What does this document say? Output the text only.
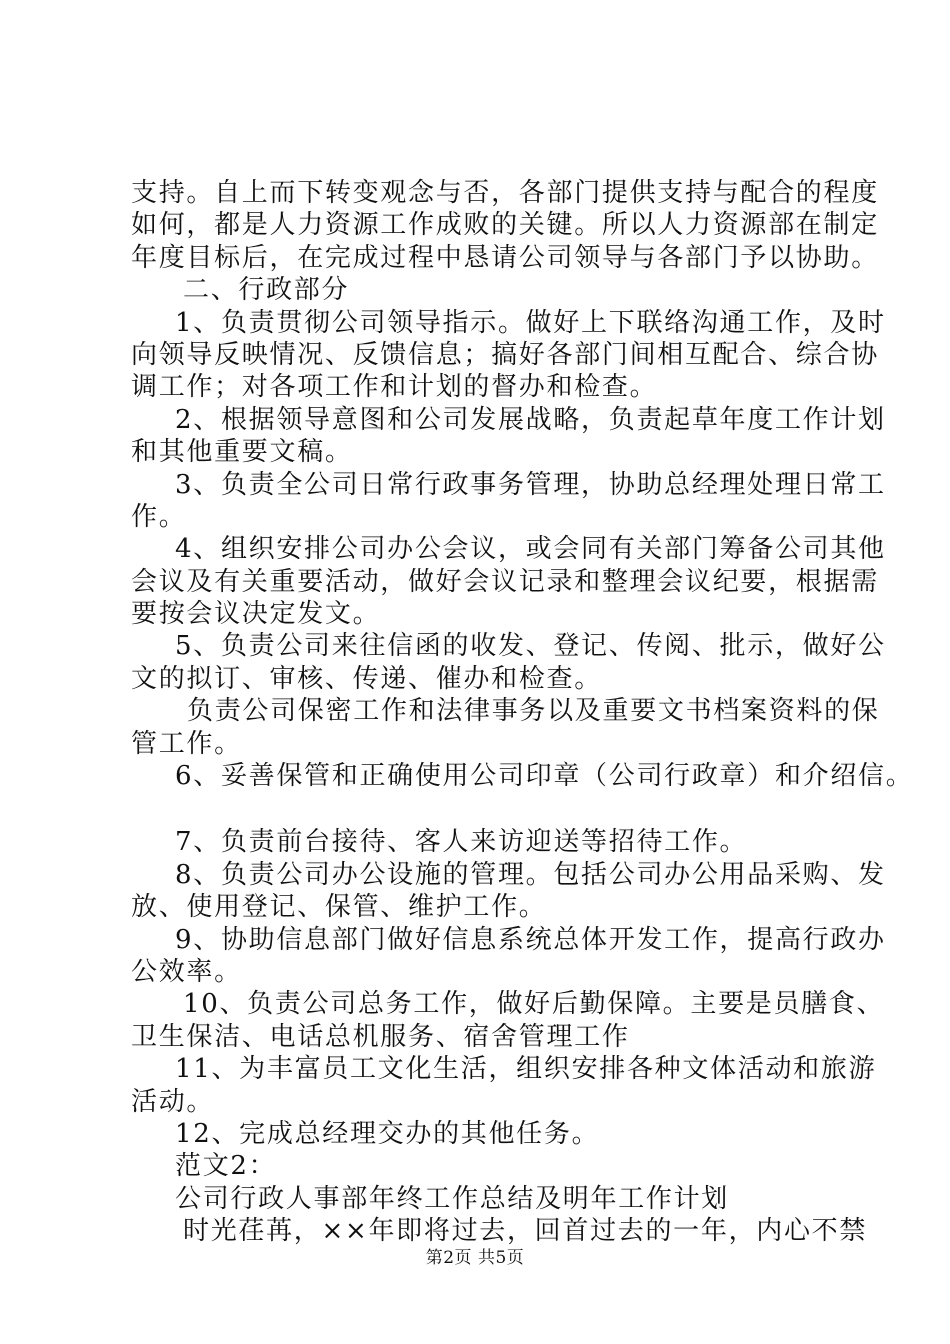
支持。自上而下转变观念与否，各部门提供支持与配合的程度
如何，都是人力资源工作成败的关键。所以人力资源部在制定
年度目标后，在完成过程中恳请公司领导与各部门予以协助。
二、行政部分
1、负责贯彻公司领导指示。做好上下联络沟通工作，及时
向领导反映情况、反馈信息；搞好各部门间相互配合、综合协
调工作；对各项工作和计划的督办和检查。
2、根据领导意图和公司发展战略，负责起草年度工作计划
和其他重要文稿。
3、负责全公司日常行政事务管理，协助总经理处理日常工
作。
4、组织安排公司办公会议，或会同有关部门筹备公司其他
会议及有关重要活动，做好会议记录和整理会议纪要，根据需
要按会议决定发文。
5、负责公司来往信函的收发、登记、传阅、批示，做好公
文的拟订、审核、传递、催办和检查。
负责公司保密工作和法律事务以及重要文书档案资料的保
管工作。
6、妥善保管和正确使用公司印章（公司行政章）和介绍信。
7、负责前台接待、客人来访迎送等招待工作。
8、负责公司办公设施的管理。包括公司办公用品采购、发
放、使用登记、保管、维护工作。
9、协助信息部门做好信息系统总体开发工作，提高行政办
公效率。
10、负责公司总务工作，做好后勤保障。主要是员膳食、
卫生保洁、电话总机服务、宿舍管理工作
11、为丰富员工文化生活，组织安排各种文体活动和旅游
活动。
12、完成总经理交办的其他任务。
范文2：
公司行政人事部年终工作总结及明年工作计划
时光荏苒，××年即将过去，回首过去的一年，内心不禁
第2页 共5页
